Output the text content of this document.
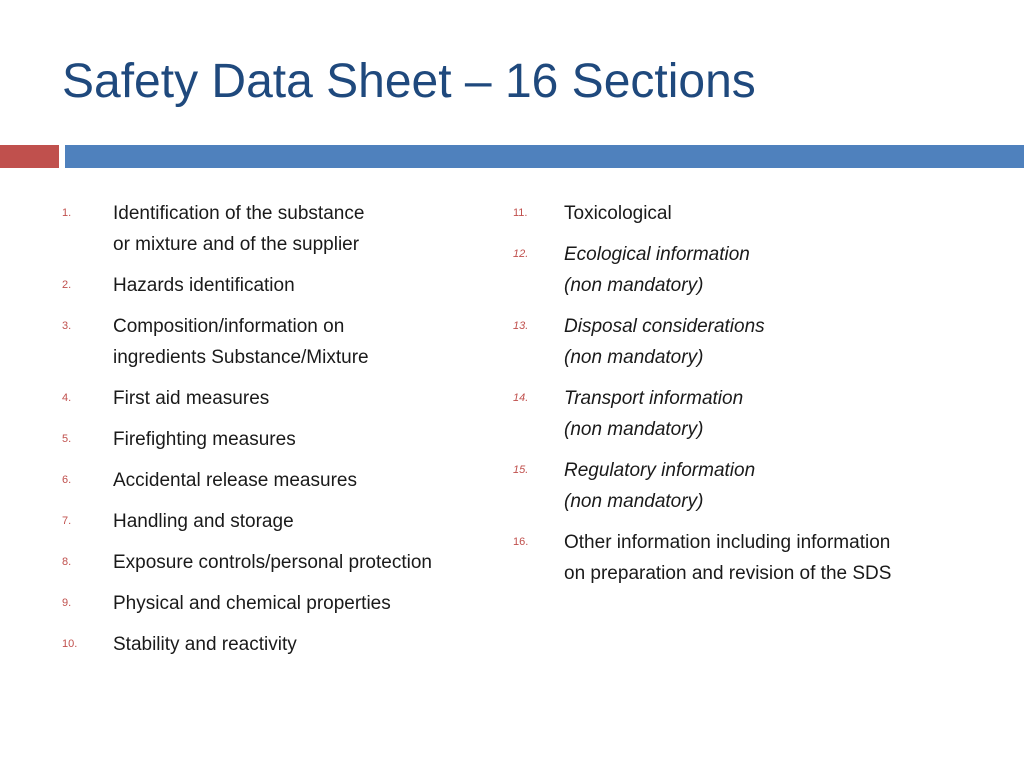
Safety Data Sheet – 16 Sections
1. Identification of the substance
or mixture and of the supplier
2. Hazards identification
3. Composition/information on
ingredients Substance/Mixture
4. First aid measures
5. Firefighting measures
6. Accidental release measures
7. Handling and storage
8. Exposure controls/personal protection
9. Physical and chemical properties
10. Stability and reactivity
11. Toxicological
12. Ecological information
(non mandatory)
13. Disposal considerations
(non mandatory)
14. Transport information
(non mandatory)
15. Regulatory information
(non mandatory)
16. Other information including information
on preparation and revision of the SDS
